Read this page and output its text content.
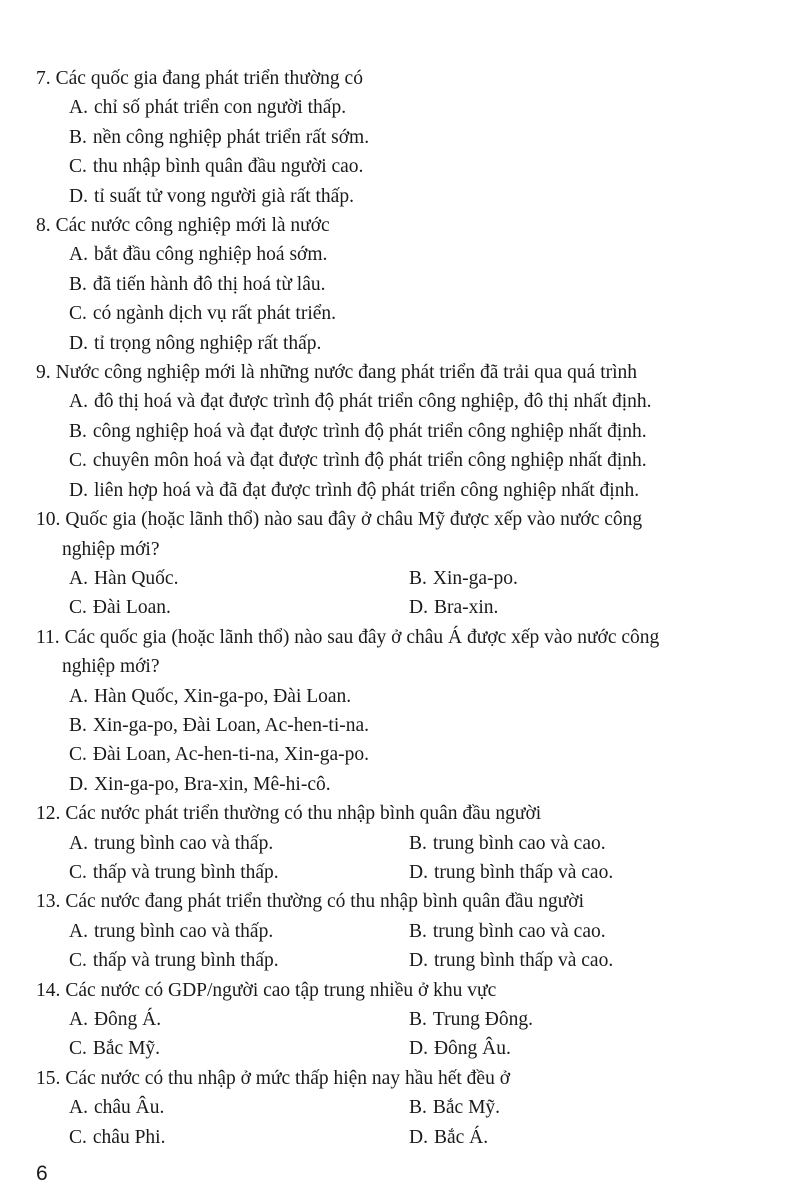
7. Các quốc gia đang phát triển thường có
A. chỉ số phát triển con người thấp.
B. nền công nghiệp phát triển rất sớm.
C. thu nhập bình quân đầu người cao.
D. tỉ suất tử vong người già rất thấp.
8. Các nước công nghiệp mới là nước
A. bắt đầu công nghiệp hoá sớm.
B. đã tiến hành đô thị hoá từ lâu.
C. có ngành dịch vụ rất phát triển.
D. tỉ trọng nông nghiệp rất thấp.
9. Nước công nghiệp mới là những nước đang phát triển đã trải qua quá trình
A. đô thị hoá và đạt được trình độ phát triển công nghiệp, đô thị nhất định.
B. công nghiệp hoá và đạt được trình độ phát triển công nghiệp nhất định.
C. chuyên môn hoá và đạt được trình độ phát triển công nghiệp nhất định.
D. liên hợp hoá và đã đạt được trình độ phát triển công nghiệp nhất định.
10. Quốc gia (hoặc lãnh thổ) nào sau đây ở châu Mỹ được xếp vào nước công
nghiệp mới?
A. Hàn Quốc.	B. Xin-ga-po.
C. Đài Loan.	D. Bra-xin.
11. Các quốc gia (hoặc lãnh thổ) nào sau đây ở châu Á được xếp vào nước công
nghiệp mới?
A. Hàn Quốc, Xin-ga-po, Đài Loan.
B. Xin-ga-po, Đài Loan, Ac-hen-ti-na.
C. Đài Loan, Ac-hen-ti-na, Xin-ga-po.
D. Xin-ga-po, Bra-xin, Mê-hi-cô.
12. Các nước phát triển thường có thu nhập bình quân đầu người
A. trung bình cao và thấp.	B. trung bình cao và cao.
C. thấp và trung bình thấp.	D. trung bình thấp và cao.
13. Các nước đang phát triển thường có thu nhập bình quân đầu người
A. trung bình cao và thấp.	B. trung bình cao và cao.
C. thấp và trung bình thấp.	D. trung bình thấp và cao.
14. Các nước có GDP/người cao tập trung nhiều ở khu vực
A. Đông Á.	B. Trung Đông.
C. Bắc Mỹ.	D. Đông Âu.
15. Các nước có thu nhập ở mức thấp hiện nay hầu hết đều ở
A. châu Âu.	B. Bắc Mỹ.
C. châu Phi.	D. Bắc Á.
6
